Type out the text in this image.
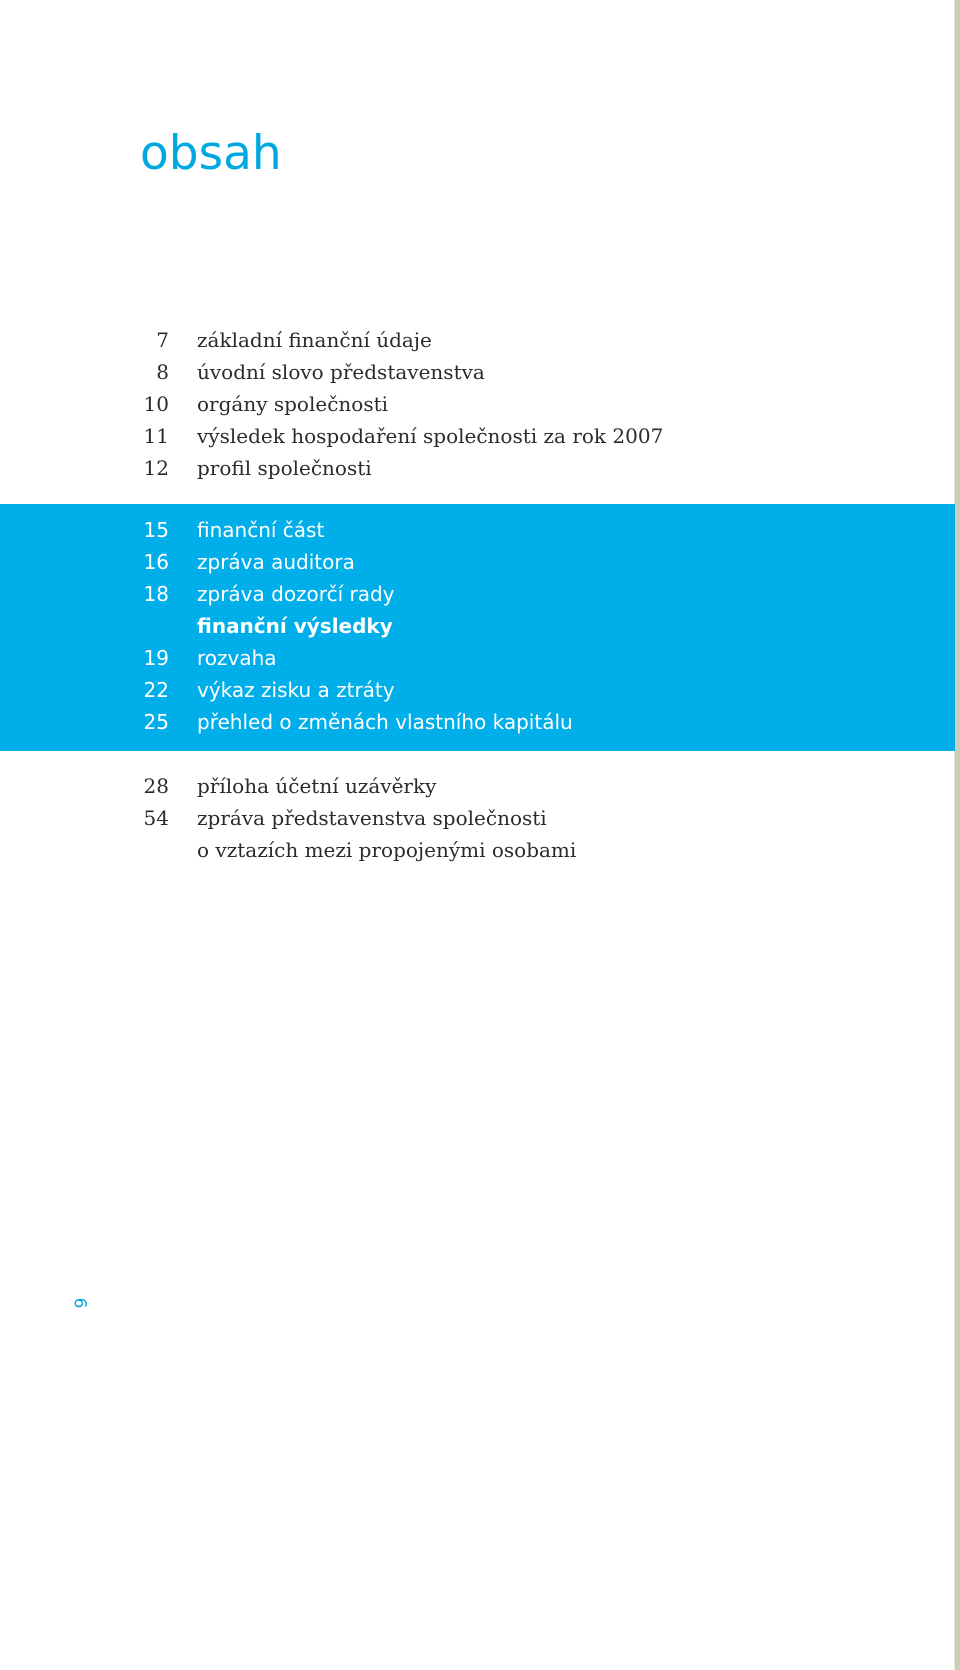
obsah
7 základní finanční údaje
8 úvodní slovo představenstva
10 orgány společnosti
11 výsledek hospodaření společnosti za rok 2007
12 profil společnosti
15 finanční část
16 zpráva auditora
18 zpráva dozorčí rady
finanční výsledky
19 rozvaha
22 výkaz zisku a ztráty
25 přehled o změnách vlastního kapitálu
28 příloha účetní uzávěrky
54 zpráva představenstva společnosti
o vztazích mezi propojenými osobami
6
